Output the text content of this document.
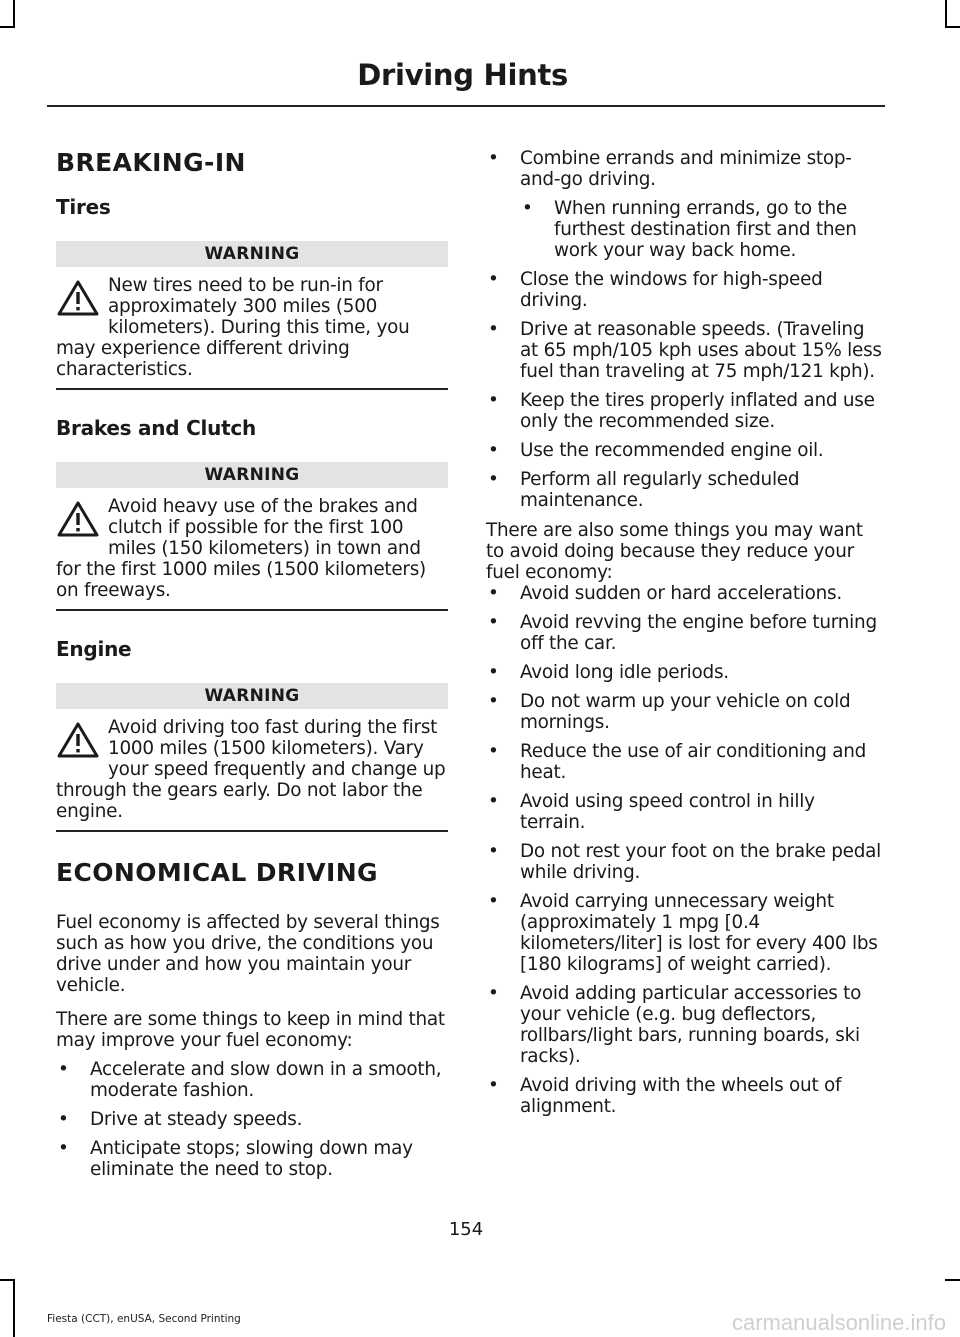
Driving Hints
BREAKING-IN
Tires
WARNING

New tires need to be run-in for approximately 300 miles (500 kilometers). During this time, you may experience different driving characteristics.

Brakes and Clutch
WARNING

Avoid heavy use of the brakes and clutch if possible for the first 100 miles (150 kilometers) in town and for the first 1000 miles (1500 kilometers) on freeways.

Engine
WARNING

Avoid driving too fast during the first 1000 miles (1500 kilometers). Vary your speed frequently and change up through the gears early. Do not labor the engine.

ECONOMICAL DRIVING

Fuel economy is affected by several things such as how you drive, the conditions you drive under and how you maintain your vehicle.

There are some things to keep in mind that may improve your fuel economy:

• Accelerate and slow down in a smooth, moderate fashion.
• Drive at steady speeds.
• Anticipate stops; slowing down may eliminate the need to stop.
• Combine errands and minimize stop-and-go driving.
• When running errands, go to the furthest destination first and then work your way back home.
• Close the windows for high-speed driving.
• Drive at reasonable speeds. (Traveling at 65 mph/105 kph uses about 15% less fuel than traveling at 75 mph/121 kph).
• Keep the tires properly inflated and use only the recommended size.
• Use the recommended engine oil.
• Perform all regularly scheduled maintenance.

There are also some things you may want to avoid doing because they reduce your fuel economy:

• Avoid sudden or hard accelerations.
• Avoid revving the engine before turning off the car.
• Avoid long idle periods.
• Do not warm up your vehicle on cold mornings.
• Reduce the use of air conditioning and heat.
• Avoid using speed control in hilly terrain.
• Do not rest your foot on the brake pedal while driving.
• Avoid carrying unnecessary weight (approximately 1 mpg [0.4 kilometers/liter] is lost for every 400 lbs [180 kilograms] of weight carried).
• Avoid adding particular accessories to your vehicle (e.g. bug deflectors, rollbars/light bars, running boards, ski racks).
• Avoid driving with the wheels out of alignment.
154
Fiesta (CCT), enUSA, Second Printing	carmanualsonline.info
